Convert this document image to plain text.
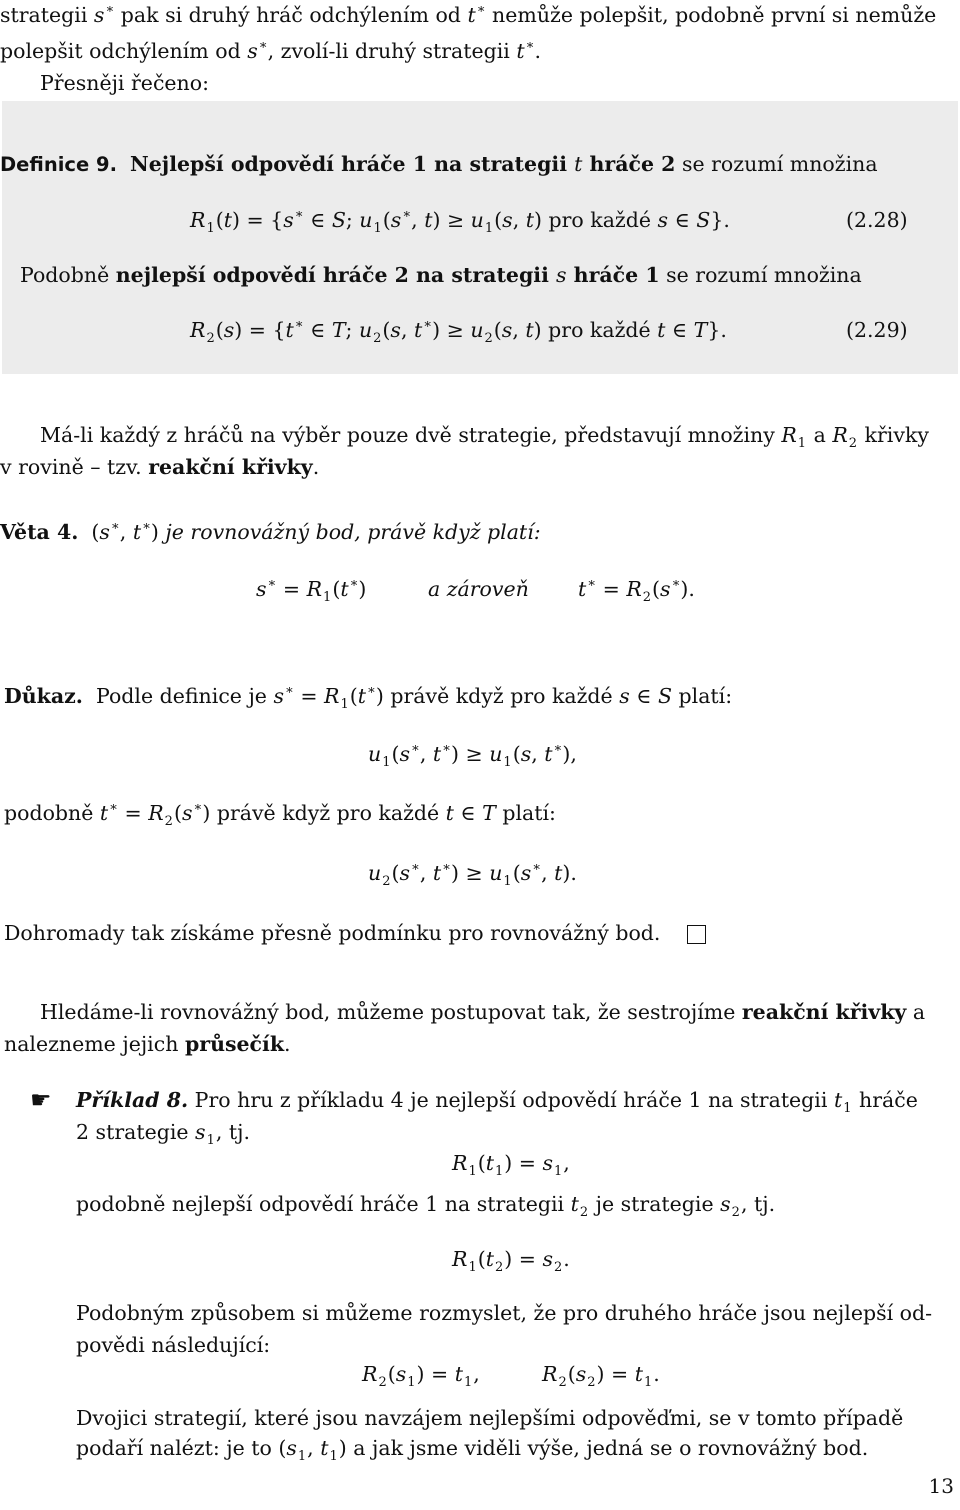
strategii s∗ pak si druhý hráč odchýlením od t∗ nemůže polepšit, podobně první si nemůže
polepšit odchýlením od s∗, zvolí-li druhý strategii t∗.
Přesněji řečeno:
Definice 9. Nejlepší odpovědí hráče 1 na strategii t hráče 2 se rozumí množina
$R_1(t) = \{s^∗$ ∈ S; $u_1(s^∗$, $t) \ge u_1(s$, t) pro každé s ∈ S}.	(2.28)
Podobně nejlepší odpovědí hráče 2 na strategii s hráče 1 se rozumí množina
$R_2(s) = \{t^∗$ ∈ T; $u_2(s$, $t^∗) \ge u_2(s$, t) pro každé t ∈ T}.	(2.29)
Má-li každý z hráčů na výběr pouze dvě strategie, představují množiny $R_1$ a $R_2$ křivky
v rovině – tzv. reakční křivky.
Věta 4.  (s∗, t∗) je rovnovážný bod, právě když platí:
$s^∗ = R_1(t^∗)$	a zároveň $t^∗ = R_2(s^∗)$.
Důkaz. Podle definice je $s^∗ = R_1(t^∗)$ právě když pro každé s ∈ S platí:
$u_1(s^∗$, $t^∗) \ge u_1(s$, t∗),
podobně $t^∗ = R_2(s^∗)$ právě když pro každé t ∈ T platí:
$u_2(s^∗$, $t^∗) \ge u_1(s^∗$, t).
Dohromady tak získáme přesně podmínku pro rovnovážný bod.
Hledáme-li rovnovážný bod, můžeme postupovat tak, že sestrojíme reakční křivky a
nalezneme jejich průsečík.
☛ Příklad 8. Pro hru z příkladu 4 je nejlepší odpovědí hráče 1 na strategii $t_1$ hráče
2 strategie $s_1$, tj.
$R_1(t_1) = s_1$,
podobně nejlepší odpovědí hráče 1 na strategii $t_2$ je strategie $s_2$, tj.
$R_1(t_2) = s_2$.
Podobným způsobem si můžeme rozmyslet, že pro druhého hráče jsou nejlepší od-
povědi následující:
$R_2(s_1) = t_1$,	$R_2(s_2) = t_1$.
Dvojici strategií, které jsou navzájem nejlepšími odpověďmi, se v tomto případě
podaří nalézt: je to ($s_1$, $t_1$) a jak jsme viděli výše, jedná se o rovnovážný bod.
13
